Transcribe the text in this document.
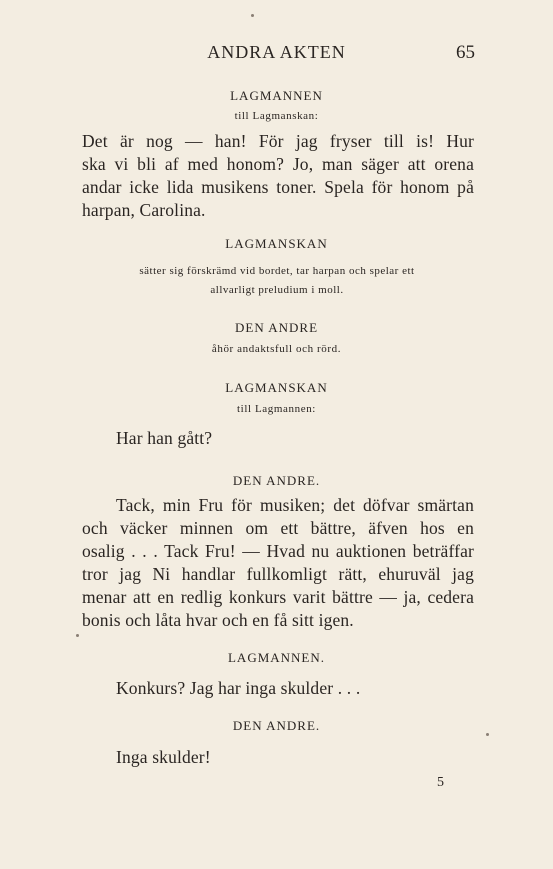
ANDRA AKTEN	65
LAGMANNEN
till Lagmanskan:
Det är nog — han! För jag fryser till is! Hur
ska vi bli af med honom? Jo, man säger att orena
andar icke lida musikens toner. Spela för honom på
harpan, Carolina.
LAGMANSKAN
sätter sig förskrämd vid bordet, tar harpan och spelar ett
allvarligt preludium i moll.
DEN ANDRE
åhör andaktsfull och rörd.
LAGMANSKAN
till Lagmannen:
Har han gått?
DEN ANDRE.
Tack, min Fru för musiken; det döfvar smärtan
och väcker minnen om ett bättre, äfven hos en
osalig . . . Tack Fru! — Hvad nu auktionen beträffar
tror jag Ni handlar fullkomligt rätt, ehuruväl jag
menar att en redlig konkurs varit bättre — ja, cedera
bonis och låta hvar och en få sitt igen.
LAGMANNEN.
Konkurs? Jag har inga skulder . . .
DEN ANDRE.
Inga skulder!
5
